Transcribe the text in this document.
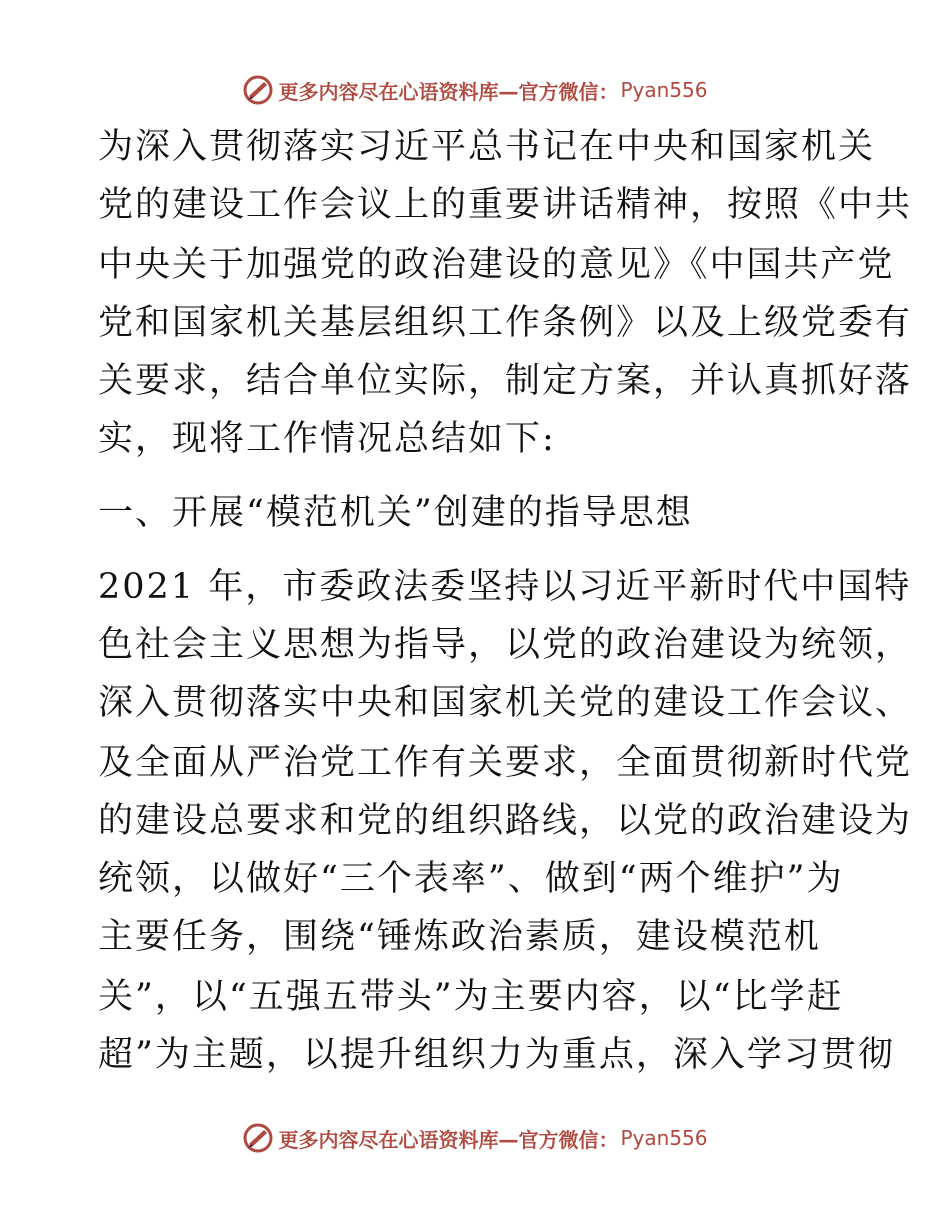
更多内容尽在心语资料库—官方微信： Pyan556
为深入贯彻落实习近平总书记在中央和国家机关
党的建设工作会议上的重要讲话精神，按照《中共
中央关于加强党的政治建设的意见》《中国共产党
党和国家机关基层组织工作条例》以及上级党委有
关要求，结合单位实际，制定方案，并认真抓好落
实，现将工作情况总结如下:
一、开展“模范机关”创建的指导思想
2021 年，市委政法委坚持以习近平新时代中国特
色社会主义思想为指导，以党的政治建设为统领，
深入贯彻落实中央和国家机关党的建设工作会议、
及全面从严治党工作有关要求，全面贯彻新时代党
的建设总要求和党的组织路线，以党的政治建设为
统领，以做好“三个表率”、做到“两个维护”为
主要任务，围绕“锤炼政治素质，建设模范机
关”，以“五强五带头”为主要内容，以“比学赶
超”为主题，以提升组织力为重点，深入学习贯彻
更多内容尽在心语资料库—官方微信： Pyan556
